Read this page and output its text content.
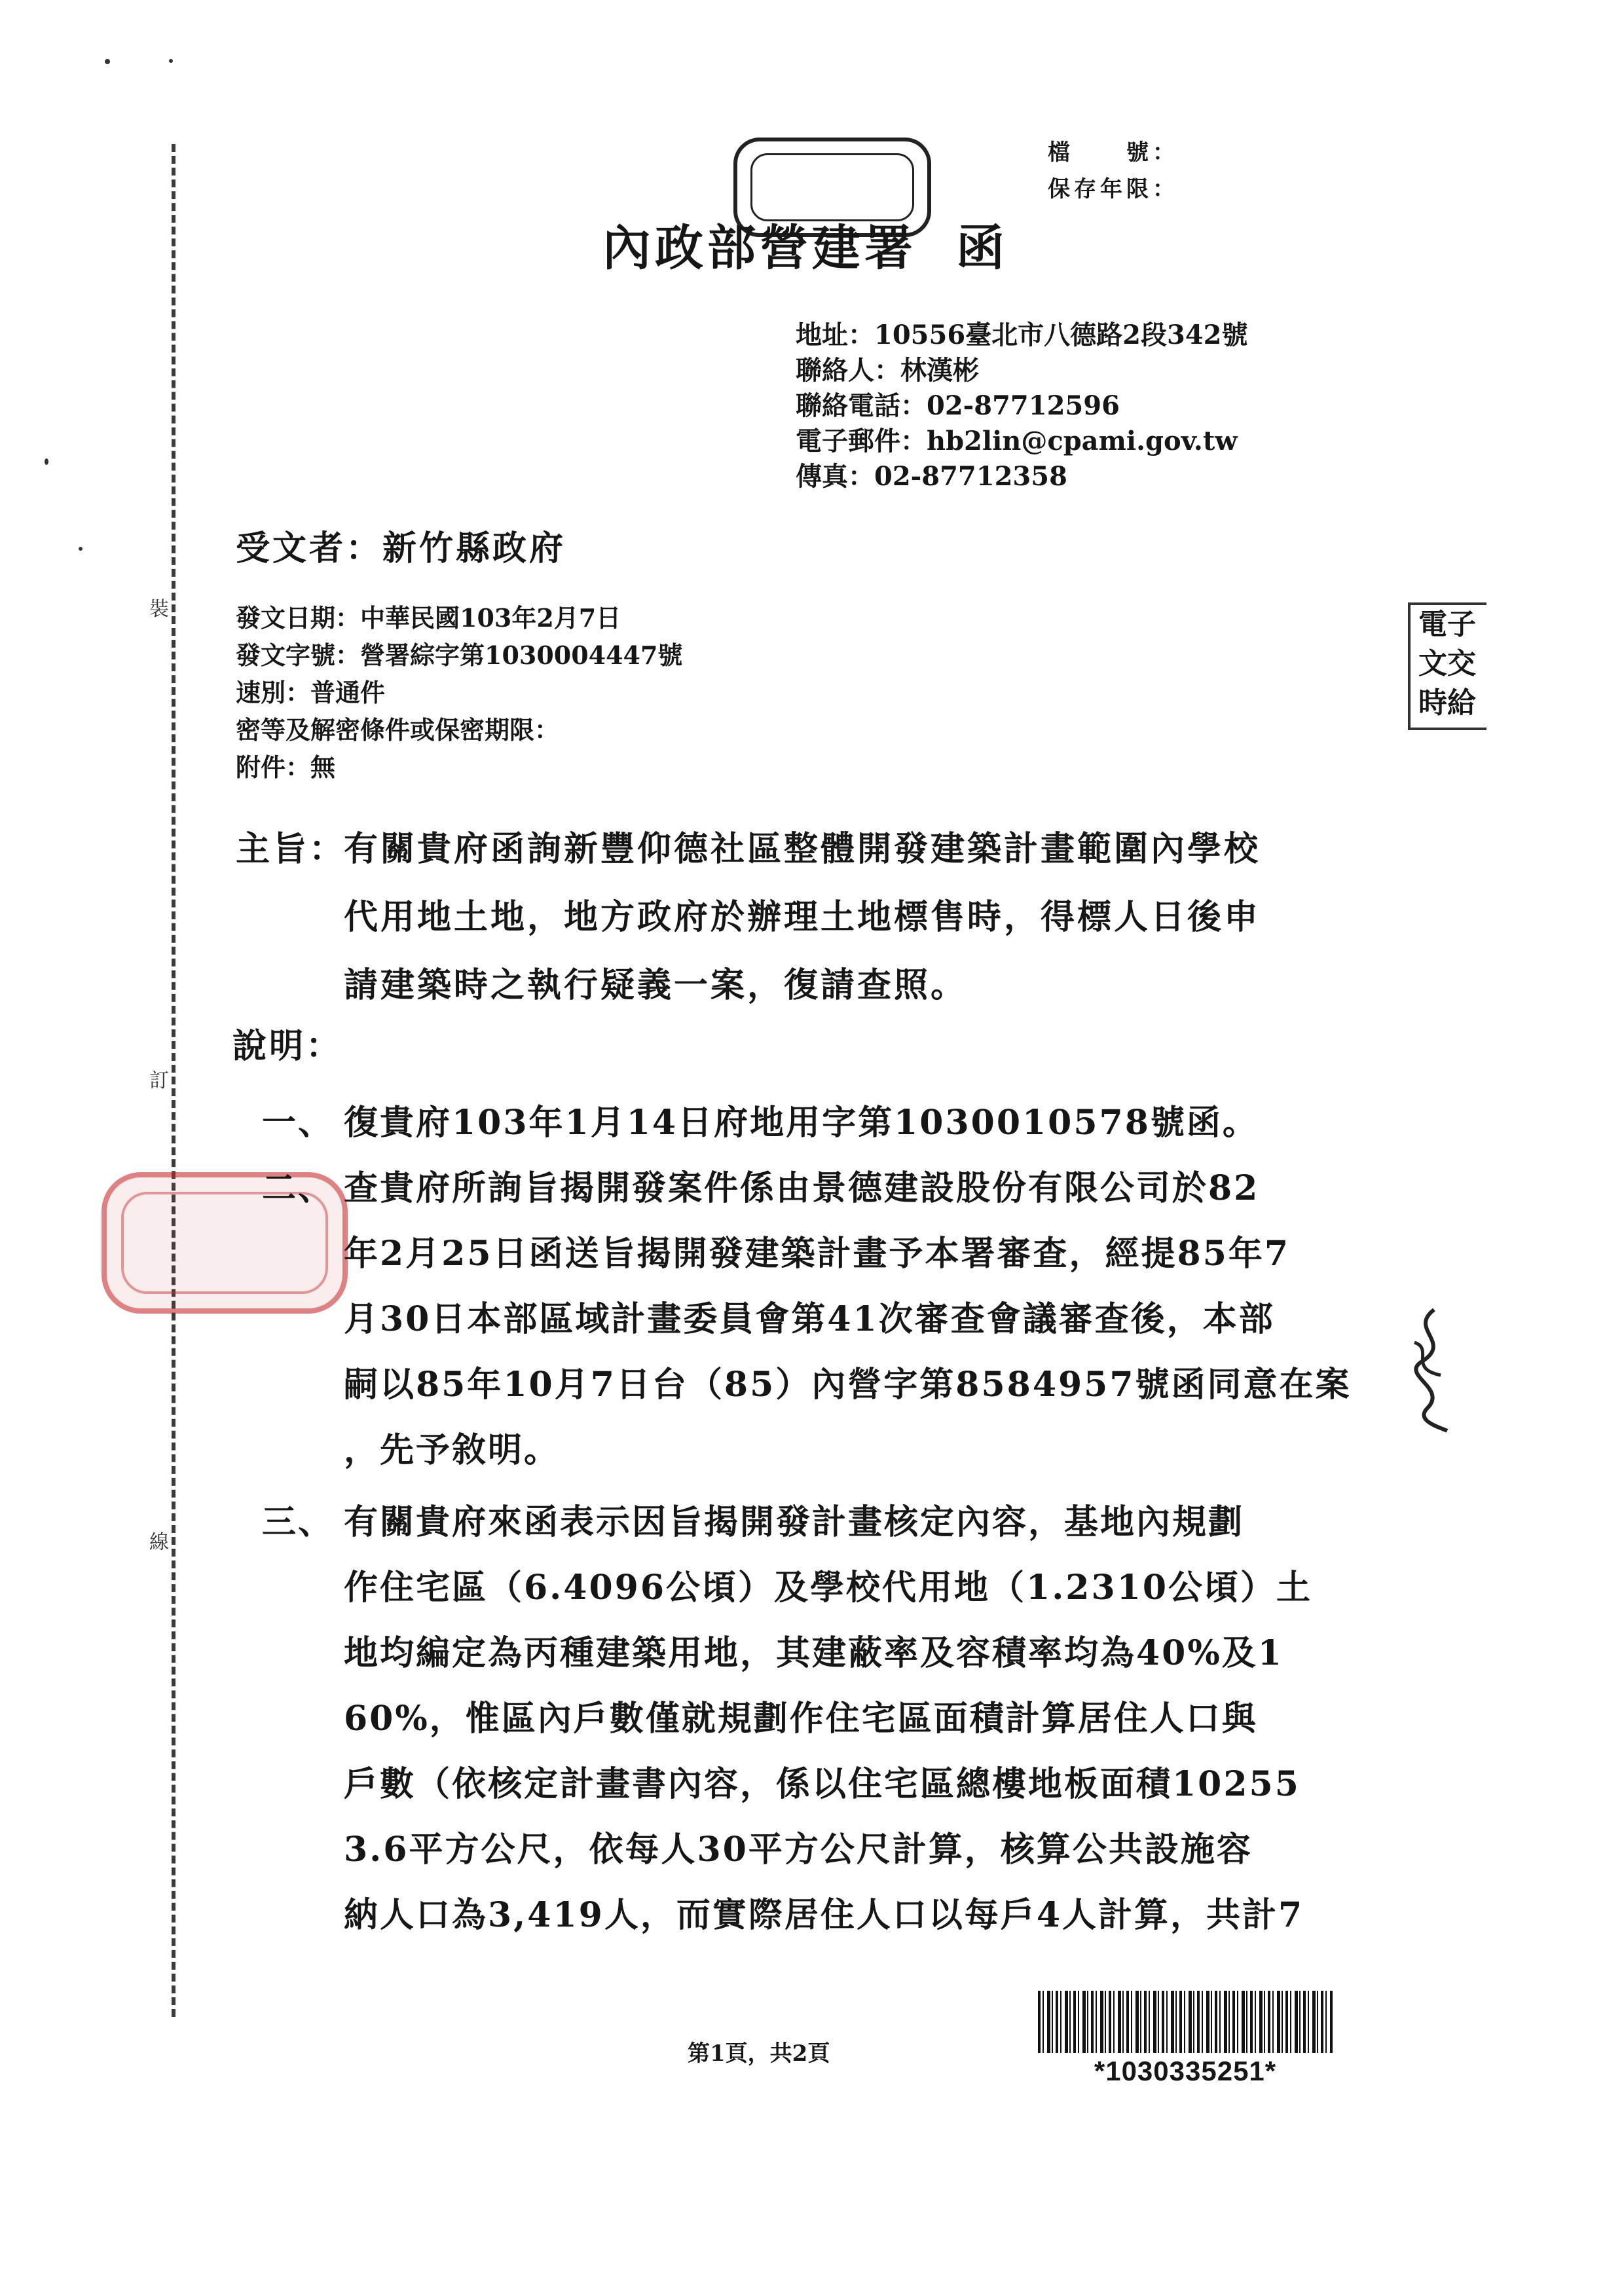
裝
訂
線
檔　　號：
保存年限：
內政部營建署 函
地址：10556臺北市八德路2段342號
聯絡人：林漢彬
聯絡電話：02-87712596
電子郵件：hb2lin@cpami.gov.tw
傳真：02-87712358
受文者：新竹縣政府
電子
文交
時給
發文日期：中華民國103年2月7日
發文字號：營署綜字第1030004447號
速別：普通件
密等及解密條件或保密期限：
附件：無
主旨：
有關貴府函詢新豐仰德社區整體開發建築計畫範圍內學校
代用地土地，地方政府於辦理土地標售時，得標人日後申
請建築時之執行疑義一案，復請查照。
說明：
一、 復貴府103年1月14日府地用字第1030010578號函。
二、 查貴府所詢旨揭開發案件係由景德建設股份有限公司於82
年2月25日函送旨揭開發建築計畫予本署審查，經提85年7
月30日本部區域計畫委員會第41次審查會議審查後，本部
嗣以85年10月7日台（85）內營字第8584957號函同意在案
，先予敘明。
三、 有關貴府來函表示因旨揭開發計畫核定內容，基地內規劃
作住宅區（6.4096公頃）及學校代用地（1.2310公頃）土
地均編定為丙種建築用地，其建蔽率及容積率均為40%及1
60%，惟區內戶數僅就規劃作住宅區面積計算居住人口與
戶數（依核定計畫書內容，係以住宅區總樓地板面積10255
3.6平方公尺，依每人30平方公尺計算，核算公共設施容
納人口為3,419人，而實際居住人口以每戶4人計算，共計7
第1頁，共2頁
*1030335251*
